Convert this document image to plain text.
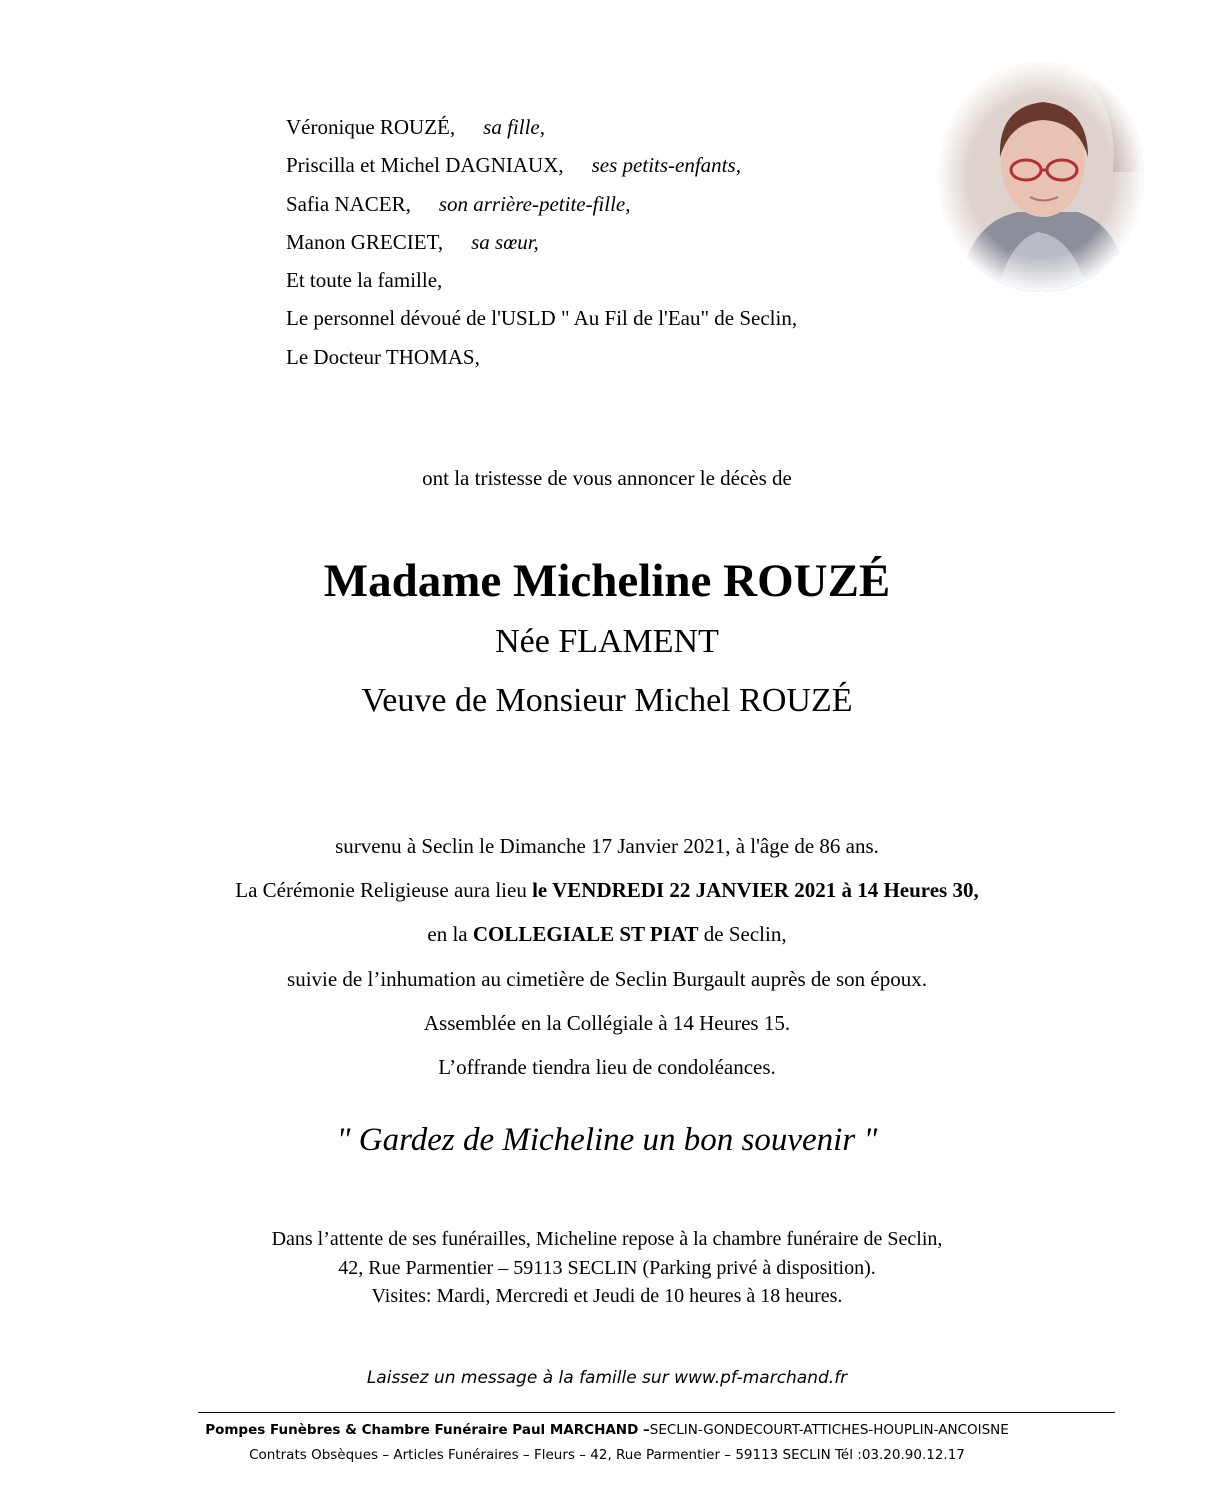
Véronique ROUZÉ, sa fille,
Priscilla et Michel DAGNIAUX, ses petits-enfants,
Safia NACER, son arrière-petite-fille,
Manon GRECIET, sa sœur,
Et toute la famille,
Le personnel dévoué de l'USLD " Au Fil de l'Eau" de Seclin,
Le Docteur THOMAS,
ont la tristesse de vous annoncer le décès de
Madame Micheline ROUZÉ
Née FLAMENT
Veuve de Monsieur Michel ROUZÉ
survenu à Seclin le Dimanche 17 Janvier 2021, à l'âge de 86 ans.
La Cérémonie Religieuse aura lieu le VENDREDI 22 JANVIER 2021 à 14 Heures 30,
en la COLLEGIALE ST PIAT de Seclin,
suivie de l’inhumation au cimetière de Seclin Burgault auprès de son époux.
Assemblée en la Collégiale à 14 Heures 15.
L’offrande tiendra lieu de condoléances.
" Gardez de Micheline un bon souvenir "
Dans l’attente de ses funérailles, Micheline repose à la chambre funéraire de Seclin,
42, Rue Parmentier – 59113 SECLIN (Parking privé à disposition).
Visites: Mardi, Mercredi et Jeudi de 10 heures à 18 heures.
Laissez un message à la famille sur www.pf-marchand.fr
Pompes Funèbres & Chambre Funéraire Paul MARCHAND –SECLIN-GONDECOURT-ATTICHES-HOUPLIN-ANCOISNE
Contrats Obsèques – Articles Funéraires – Fleurs – 42, Rue Parmentier – 59113 SECLIN Tél :03.20.90.12.17
